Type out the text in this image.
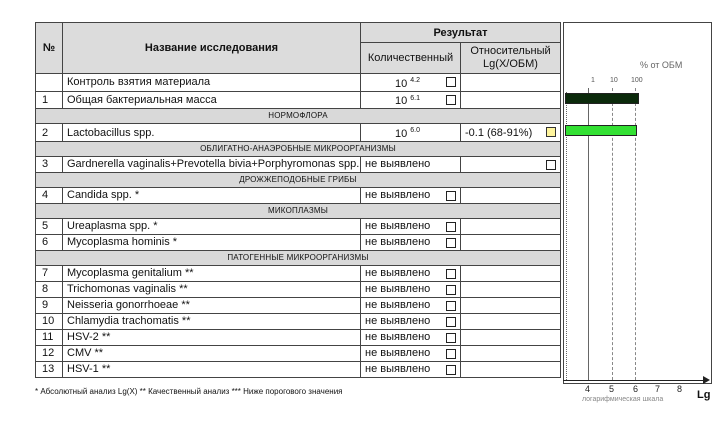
№	Название исследования	Результат	
		Количественный	Относительный Lg(X/ОБМ)
	Контроль взятия материала	10 $^{4.2}$

1	Общая бактериальная масса	10 $^{6.1}$

НОРМОФЛОРА			
2	Lactobacillus spp.	10 $^{6.0}$	-0.1 (68-91%)

ОБЛИГАТНО-АНАЭРОБНЫЕ МИКРООРГАНИЗМЫ			
3	Gardnerella vaginalis+Prevotella bivia+Porphyromonas spp.	не выявлено	

ДРОЖЖЕПОДОБНЫЕ ГРИБЫ			
4	Candida spp. *	не выявлено

МИКОПЛАЗМЫ			
5	Ureaplasma spp. *	не выявлено

6	Mycoplasma hominis *	не выявлено

ПАТОГЕННЫЕ МИКРООРГАНИЗМЫ			
7	Mycoplasma genitalium **	не выявлено

8	Trichomonas vaginalis **	не выявлено

9	Neisseria gonorrhoeae **	не выявлено

10	Chlamydia trachomatis **	не выявлено

11	HSV-2 **	не выявлено

12	CMV **	не выявлено

13	HSV-1 **	не выявлено

* Абсолютный анализ Lg(X) ** Качественный анализ *** Ниже порогового значения
% от ОБМ
1 10 100
4 5 6 7 8
логарифмическая шкала	Lg
